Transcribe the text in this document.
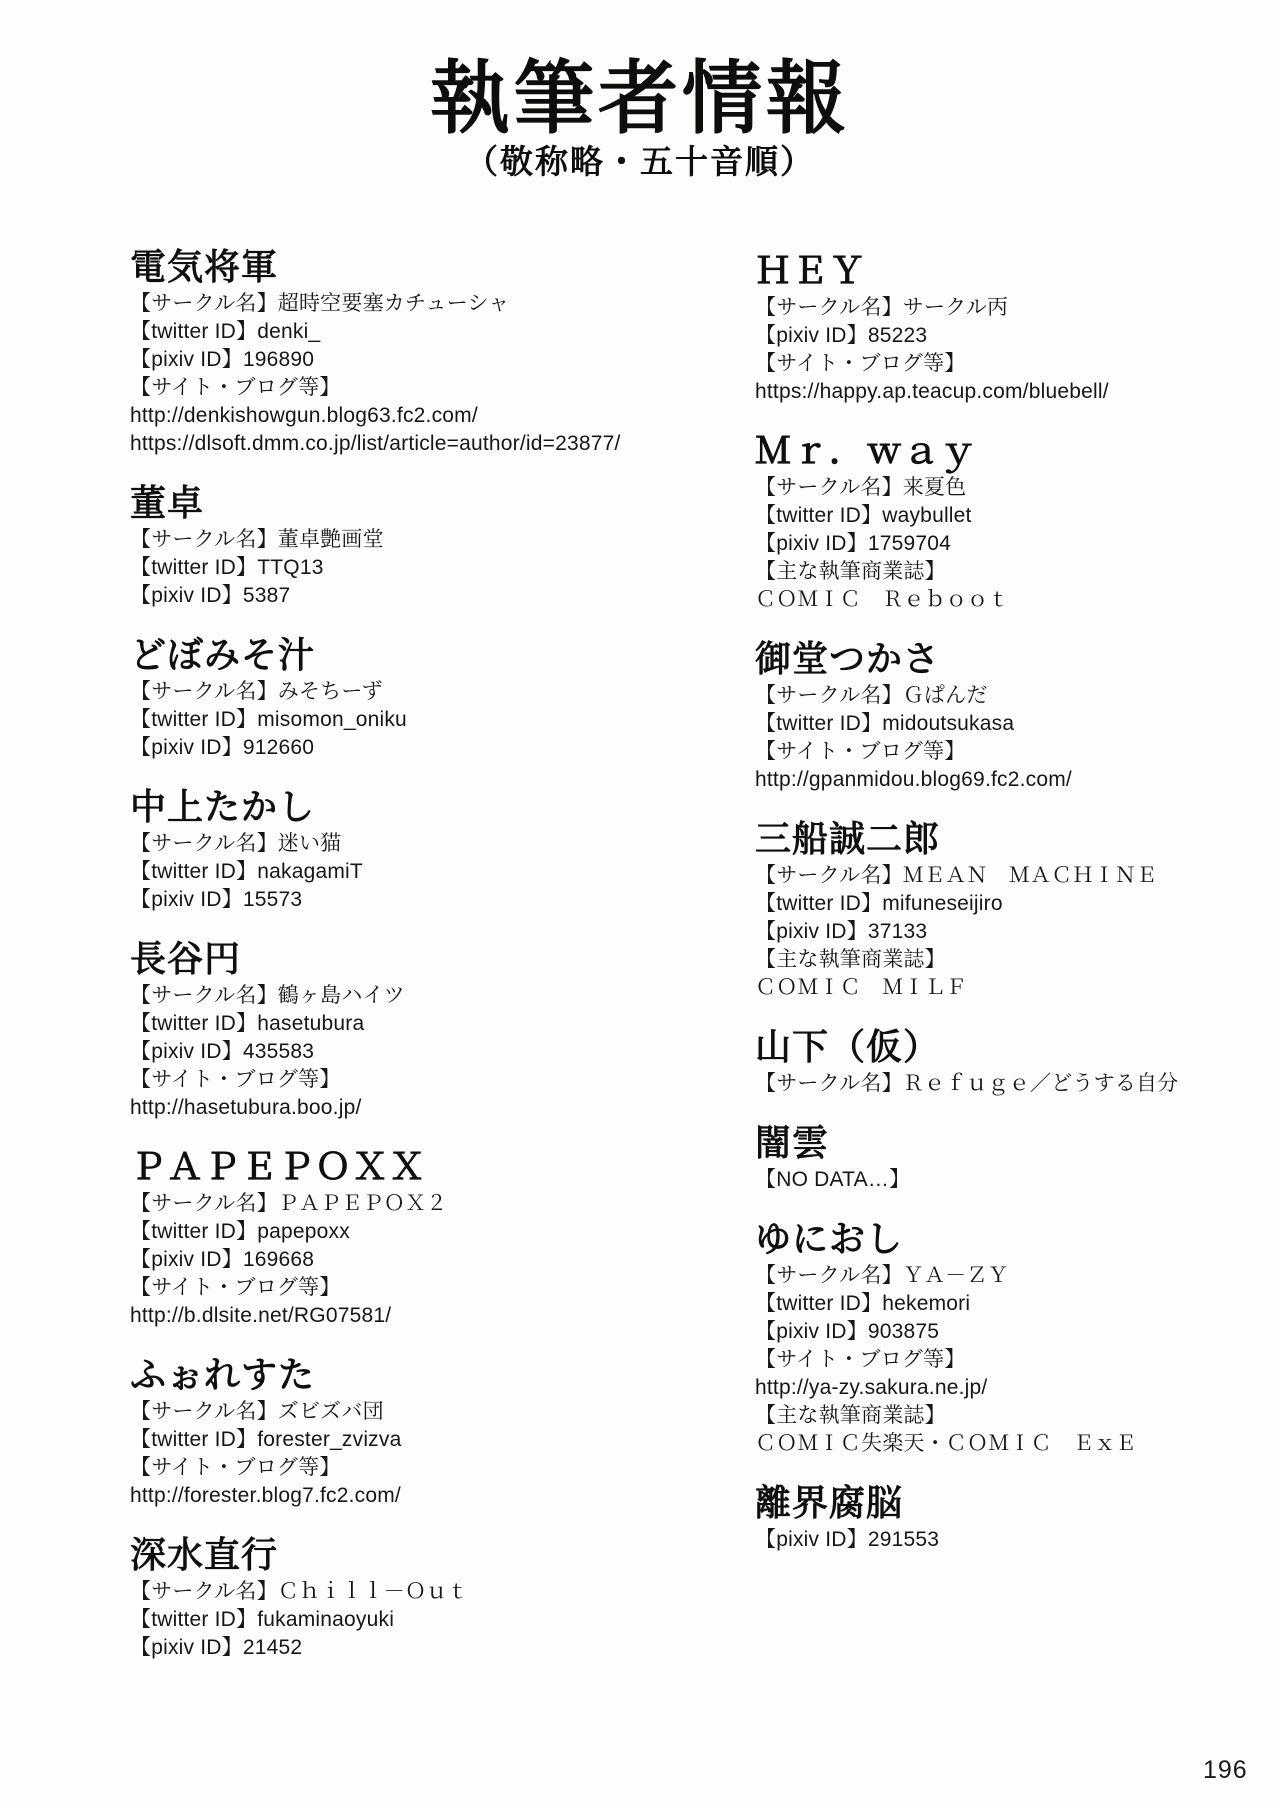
執筆者情報
（敬称略・五十音順）
電気将軍
【サークル名】超時空要塞カチューシャ
【twitter ID】denki_
【pixiv ID】196890
【サイト・ブログ等】
http://denkishowgun.blog63.fc2.com/
https://dlsoft.dmm.co.jp/list/article=author/id=23877/
董卓
【サークル名】董卓艶画堂
【twitter ID】TTQ13
【pixiv ID】5387
どぼみそ汁
【サークル名】みそちーず
【twitter ID】misomon_oniku
【pixiv ID】912660
中上たかし
【サークル名】迷い猫
【twitter ID】nakagamiT
【pixiv ID】15573
長谷円
【サークル名】鶴ヶ島ハイツ
【twitter ID】hasetubura
【pixiv ID】435583
【サイト・ブログ等】
http://hasetubura.boo.jp/
ＰＡＰＥＰＯＸＸ
【サークル名】ＰＡＰＥＰＯＸ２
【twitter ID】papepoxx
【pixiv ID】169668
【サイト・ブログ等】
http://b.dlsite.net/RG07581/
ふぉれすた
【サークル名】ズビズバ団
【twitter ID】forester_zvizva
【サイト・ブログ等】
http://forester.blog7.fc2.com/
深水直行
【サークル名】Ｃｈｉｌｌ－Ｏｕｔ
【twitter ID】fukaminaoyuki
【pixiv ID】21452
ＨＥＹ
【サークル名】サークル丙
【pixiv ID】85223
【サイト・ブログ等】
https://happy.ap.teacup.com/bluebell/
Ｍｒ．ｗａｙ
【サークル名】来夏色
【twitter ID】waybullet
【pixiv ID】1759704
【主な執筆商業誌】
ＣＯＭＩＣ　Ｒｅｂｏｏｔ
御堂つかさ
【サークル名】Ｇぱんだ
【twitter ID】midoutsukasa
【サイト・ブログ等】
http://gpanmidou.blog69.fc2.com/
三船誠二郎
【サークル名】ＭＥＡＮ　ＭＡＣＨＩＮＥ
【twitter ID】mifuneseijiro
【pixiv ID】37133
【主な執筆商業誌】
ＣＯＭＩＣ　ＭＩＬＦ
山下（仮）
【サークル名】Ｒｅｆｕｇｅ／どうする自分
闇雲
【NO DATA…】
ゆにおし
【サークル名】ＹＡ－ＺＹ
【twitter ID】hekemori
【pixiv ID】903875
【サイト・ブログ等】
http://ya-zy.sakura.ne.jp/
【主な執筆商業誌】
ＣＯＭＩＣ失楽天・ＣＯＭＩＣ　ＥｘＥ
離界腐脳
【pixiv ID】291553
196
